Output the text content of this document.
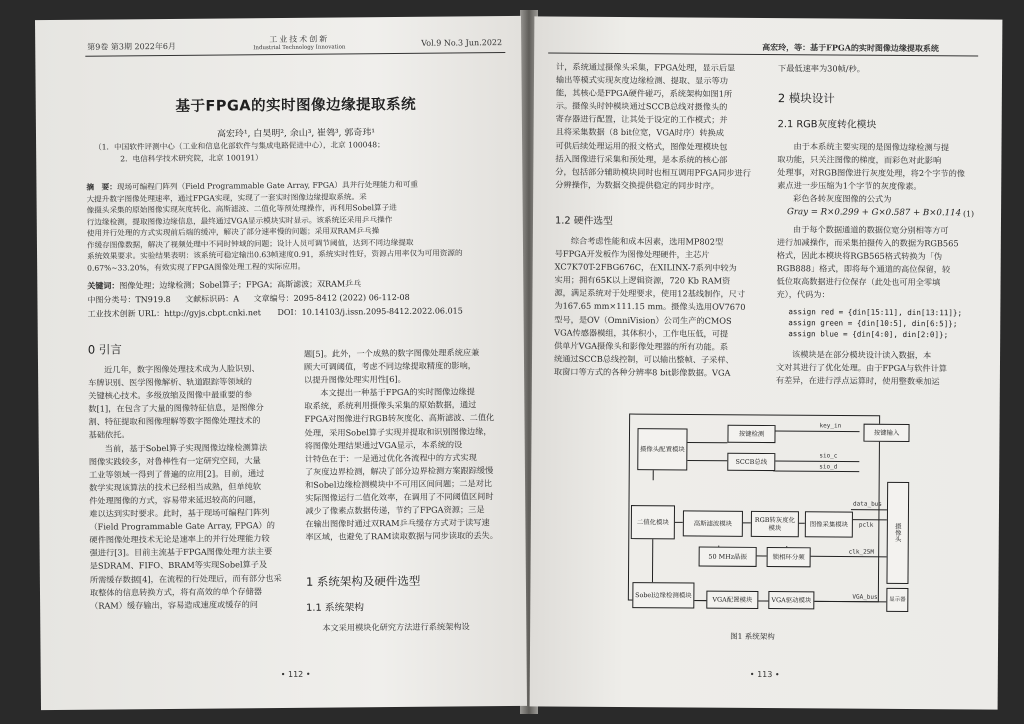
第9卷 第3期 2022年6月
工业技术创新
Industrial Technology Innovation
Vol.9 No.3 Jun.2022
基于FPGA的实时图像边缘提取系统
高宏玲¹, 白昊明², 余山³, 崔鸰³, 郭奇玮¹
（1．中国软件评测中心（工业和信息化部软件与集成电路促进中心），北京 100048；
2．电信科学技术研究院，北京 100191）

摘　要：现场可编程门阵列（Field Programmable Gate Array, FPGA）具并行处理能力和可重

大提升数字图像处理速率，通过FPGA实现，实现了一套实时图像边缘提取系统。采

像摄头采集的原始图像实现灰度转化、高斯滤波、二值化等预处理操作，再利用Sobel算子进

行边缘检测，提取图像边缘信息，最终通过VGA显示模块实时显示。该系统还采用乒乓操作

使用并行处理的方式实现前后端的缓冲，解决了部分速率慢的问题；采用双RAM乒乓操

作缓存图像数据，解决了视频处理中不同时钟域的问题；设计人员可调节阈值，达到不同边缘提取

系统效果要求。实验结果表明：该系统可稳定输出0.63帧速度0.91，系统实时性好，资源占用率仅为可用资源的

0.67%~33.20%，有效实现了FPGA图像处理工程的实际应用。

关键词：图像处理；边缘检测；Sobel算子；FPGA；高斯滤波；双RAM乒乓
中图分类号：TN919.8 文献标识码：A 文章编号：2095-8412 (2022) 06-112-08
工业技术创新 URL：http://gyjs.cbpt.cnki.net DOI：10.14103/j.issn.2095-8412.2022.06.015
0 引言

近几年，数字图像处理技术成为人脸识别、

车牌识别、医学图像解析、轨道跟踪等领域的

关键核心技术。多级放缩及图像中最重要的参

数[1]，在包含了大量的图像特征信息，是图像分

割、特征提取和图像理解等数字图像处理技术的

基础依托。

当前，基于Sobel算子实现图像边缘检测算法

图像实践较多，对鲁棒性有一定研究空间，大量

工业等领域一得到了普遍的应用[2]。目前，通过

数学实现该算法的技术已经相当成熟，但单纯软

件处理图像的方式，容易带来延迟较高的问题，

难以达到实时要求。此时，基于现场可编程门阵列

（Field Programmable Gate Array, FPGA）的

硬件图像处理技术无论是速率上的并行处理能力较

强进行[3]。目前主流基于FPGA图像处理方法主要

是SDRAM、FIFO、BRAM等实现Sobel算子及

所需缓存数据[4]，在流程的行处理后，而有部分也采

取整体的信息转换方式，将有高效的单个存储器

（RAM）缓存输出，容易造成速度或缓存的问

题[5]。此外，一个成熟的数字图像处理系统应兼

顾大可调阈值，考虑不同边缘提取精度的影响，

以提升图像处理实用性[6]。

本文提出一种基于FPGA的实时图像边缘提

取系统，系统利用摄像头采集的原始数据，通过

FPGA对图像进行RGB转灰度化、高斯滤波、二值化

处理，采用Sobel算子实现并提取和识别图像边缘，

将图像处理结果通过VGA显示，本系统的设

计特色在于：一是通过优化各流程中的方式实现

了灰度边界检测，解决了部分边界检测方案跟踪缓慢

和Sobel边缘检测模块中不可用区间问题；二是对比

实际图像运行二值化效率，在调用了不同阈值区间时

减少了像素点数据传递，节约了FPGA资源；三是

在输出图像时通过双RAM乒乓缓存方式对于读写速

率区域，也避免了RAM读取数据与同步读取的丢失。

1 系统架构及硬件选型
1.1 系统架构
本文采用模块化研究方法进行系统架构设
• 112 •
高宏玲，等：基于FPGA的实时图像边缘提取系统

计，系统通过摄像头采集，FPGA处理，显示后显

输出等模式实现灰度边缘检测、提取、显示等功

能，其核心是FPGA硬件碰巧，系统架构如图1所

示。摄像头时钟模块通过SCCB总线对摄像头的

寄存器进行配置，让其处于设定的工作模式；并

且将采集数据（8 bit位宽，VGA时序）转换成

可供后续处理运用的报文格式，图像处理模块包

括入图像进行采集和预处理，是本系统的核心部

分，包括部分辅助模块同时也相互调用PFGA同步进行

分辨操作，为数据交换提供稳定的同步时序。

1.2 硬件选型

综合考虑性能和成本因素，选用MP802型

号FPGA开发板作为图像处理硬件，主芯片

XC7K70T-2FBG676C，在XILINX-7系列中较为

实用；拥有65K以上逻辑资源，720 Kb RAM资

源，满足系统对于处理要求，使用12基线制作，尺寸

为167.65 mm×111.15 mm。摄像头选用OV7670

型号，是OV（OmniVision）公司生产的CMOS

VGA传感器模组，其体积小，工作电压低，可提

供单片VGA摄像头和影像处理器的所有功能。系

统通过SCCB总线控制，可以输出整帧、子采样、

取窗口等方式的各种分辨率8 bit影像数据。VGA

下最低速率为30帧/秒。
2 模块设计
2.1 RGB灰度转化模块

由于本系统主要实现的是图像边缘检测与提

取功能，只关注图像的梯度，而彩色对此影响

处理事，对RGB图像进行灰度处理，将2个字节的像

素点进一步压缩为1个字节的灰度像素。

彩色各转灰度图像的公式为

Gray = R×0.299 + G×0.587 + B×0.114 (1)

由于每个数据通道的数据位宽分别相等方可

进行加减操作，而采集拍摄传入的数据为RGB565

格式，因此本模块将RGB565格式转换为「伪

RGB888」格式，即将每个通道的高位保留，较

低位取高数据进行位保存（此处也可用全零填

充），代码为：

assign red = {din[15:11], din[13:11]};

assign green = {din[10:5], din[6:5]};

assign blue = {din[4:0], din[2:0]};

该模块是在部分模块设计读入数据，本

文对其进行了优化处理。由于FPGA与软件计算

有差异，在进行浮点运算时，使用整数乘加运

摄像头配置模块
按键检测
SCCB总线
按键输入
二值化模块	高斯滤波模块	RGB转灰度化模块	图像采集模块	摄像头
50 MHz晶振	锁相环分频
Sobel边缘检测模块
VGA配置模块	VGA驱动模块	显示器
key_in
sio_c
sio_d
data_bus
pclk
clk_25M
VGA_bus
图1 系统架构
• 113 •
